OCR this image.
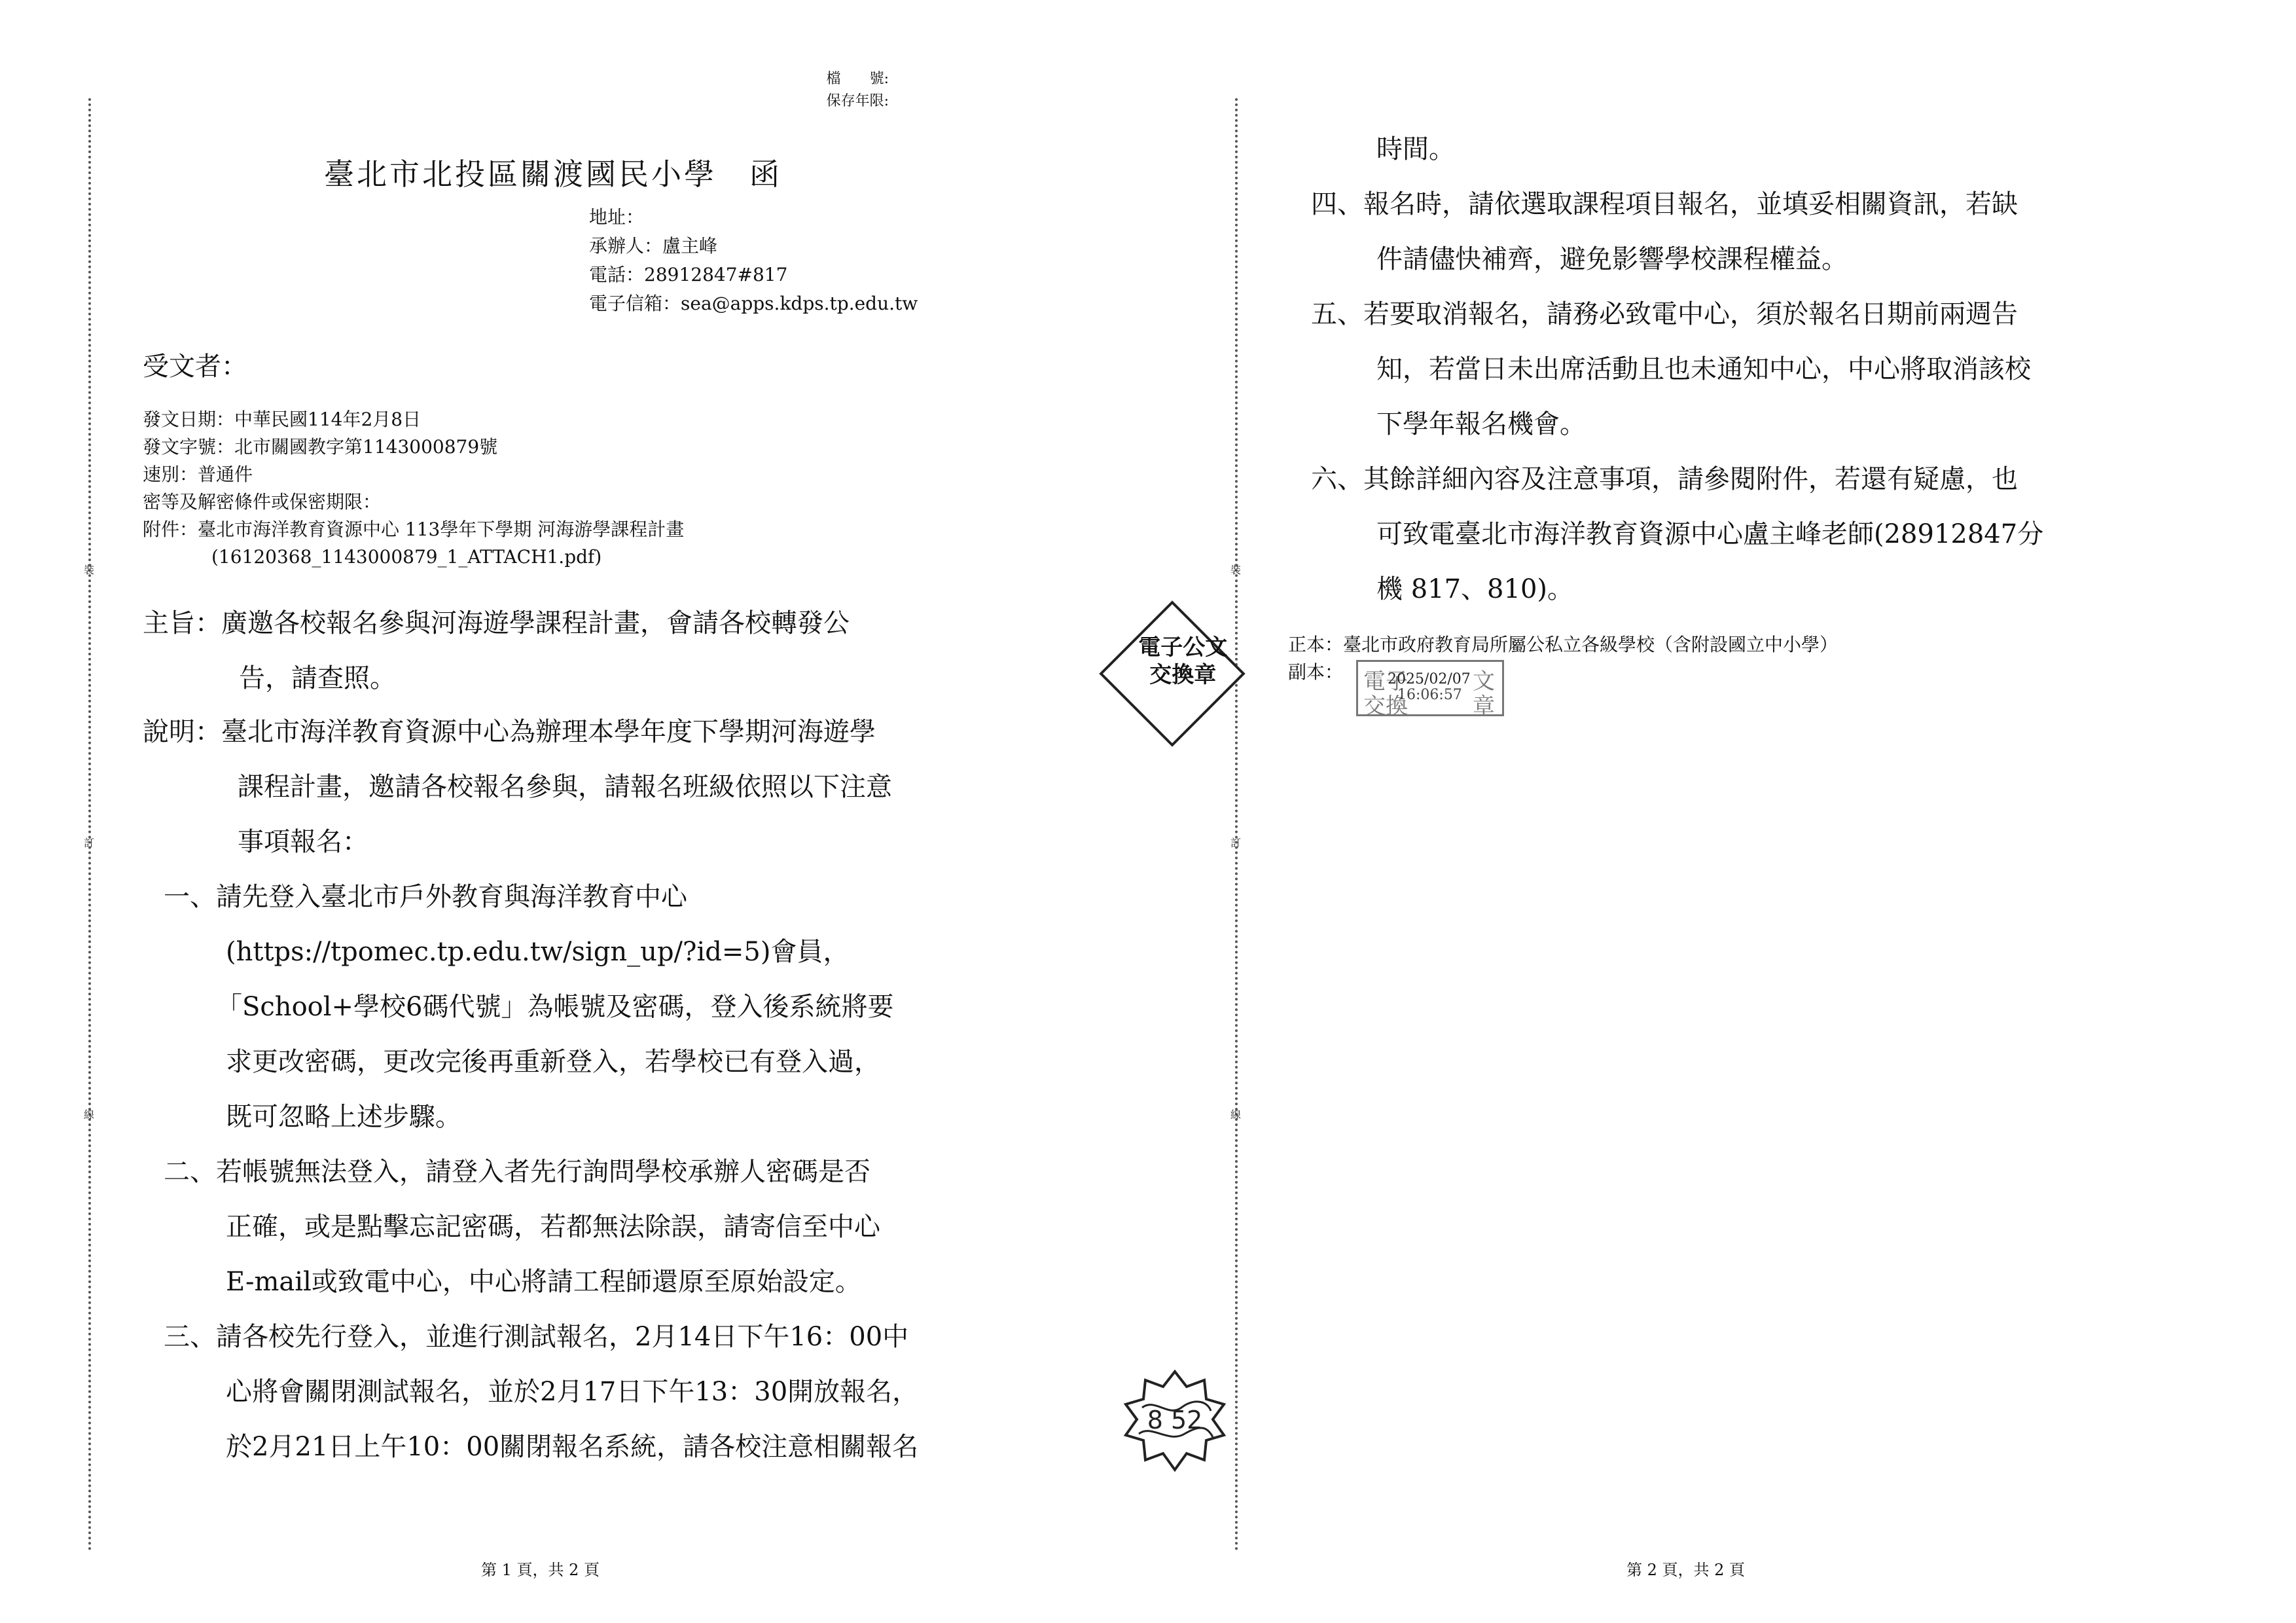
裝
訂
線
裝
訂
線
檔　　號:
保存年限:
臺北市北投區關渡國民小學　函
地址：
承辦人：盧主峰
電話：28912847#817
電子信箱：sea@apps.kdps.tp.edu.tw
受文者：
發文日期：中華民國114年2月8日
發文字號：北市關國教字第1143000879號
速別：普通件
密等及解密條件或保密期限：
附件：臺北市海洋教育資源中心 113學年下學期 河海游學課程計畫
(16120368_1143000879_1_ATTACH1.pdf)
主旨：廣邀各校報名參與河海遊學課程計畫，會請各校轉發公
告，請查照。
說明：臺北市海洋教育資源中心為辦理本學年度下學期河海遊學
課程計畫，邀請各校報名參與，請報名班級依照以下注意
事項報名：
一、請先登入臺北市戶外教育與海洋教育中心
(https://tpomec.tp.edu.tw/sign_up/?id=5)會員，
「School+學校6碼代號」為帳號及密碼，登入後系統將要
求更改密碼，更改完後再重新登入，若學校已有登入過，
既可忽略上述步驟。
二、若帳號無法登入，請登入者先行詢問學校承辦人密碼是否
正確，或是點擊忘記密碼，若都無法除誤，請寄信至中心
E-mail或致電中心，中心將請工程師還原至原始設定。
三、請各校先行登入，並進行測試報名，2月14日下午16：00中
心將會關閉測試報名，並於2月17日下午13：30開放報名，
於2月21日上午10：00關閉報名系統，請各校注意相關報名
電子公文交換章
8 52
時間。
四、報名時，請依選取課程項目報名，並填妥相關資訊，若缺
件請儘快補齊，避免影響學校課程權益。
五、若要取消報名，請務必致電中心，須於報名日期前兩週告
知，若當日未出席活動且也未通知中心，中心將取消該校
下學年報名機會。
六、其餘詳細內容及注意事項，請參閱附件，若還有疑慮，也
可致電臺北市海洋教育資源中心盧主峰老師(28912847分
機 817、810)。
正本：臺北市政府教育局所屬公私立各級學校（含附設國立中小學）
副本： 電子
交換
文
章
2025/02/07
16:06:57
第 1 頁，共 2 頁	第 2 頁，共 2 頁
